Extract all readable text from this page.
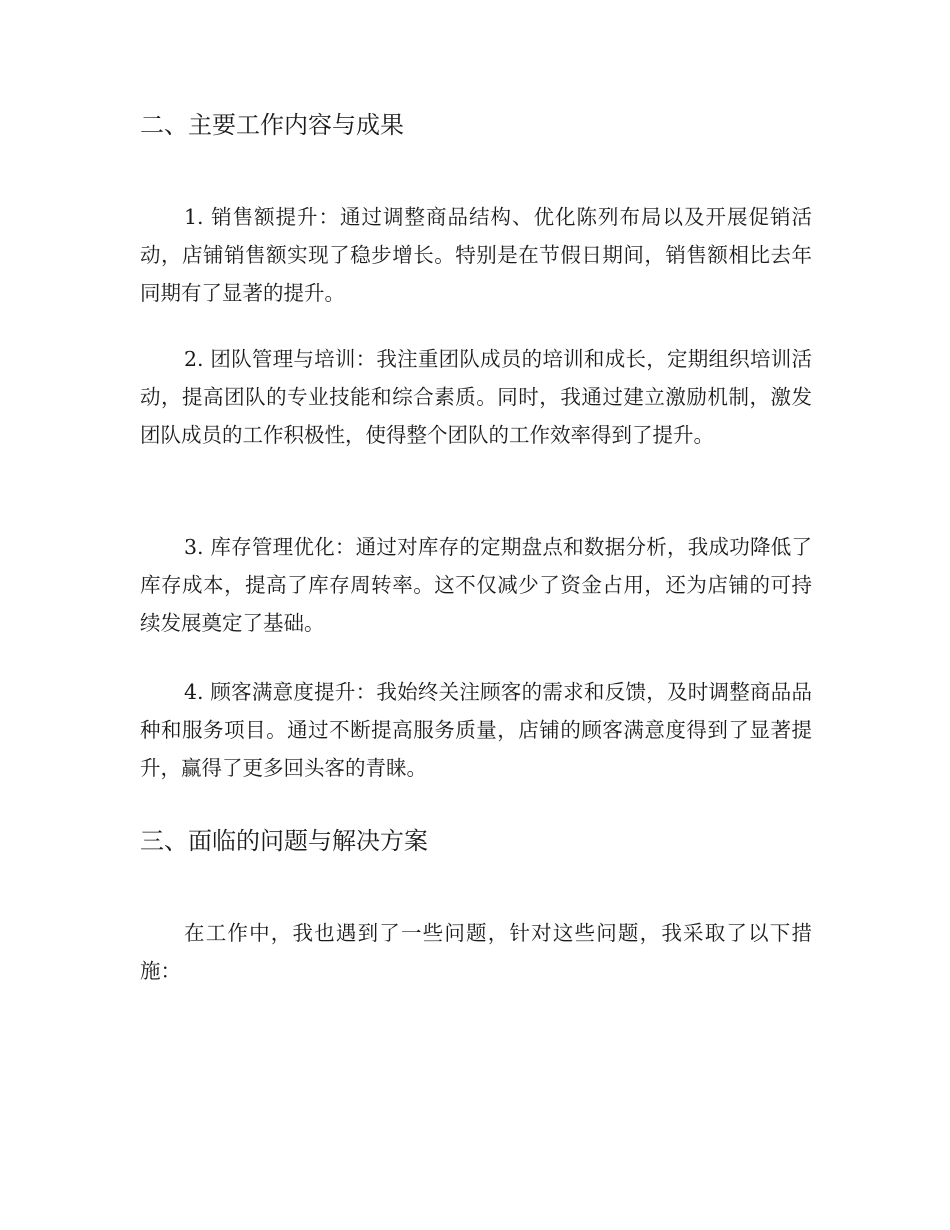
二、主要工作内容与成果

1. 销售额提升：通过调整商品结构、优化陈列布局以及开展促销活动，店铺销售额实现了稳步增长。特别是在节假日期间，销售额相比去年同期有了显著的提升。

2. 团队管理与培训：我注重团队成员的培训和成长，定期组织培训活动，提高团队的专业技能和综合素质。同时，我通过建立激励机制，激发团队成员的工作积极性，使得整个团队的工作效率得到了提升。

3. 库存管理优化：通过对库存的定期盘点和数据分析，我成功降低了库存成本，提高了库存周转率。这不仅减少了资金占用，还为店铺的可持续发展奠定了基础。

4. 顾客满意度提升：我始终关注顾客的需求和反馈，及时调整商品品种和服务项目。通过不断提高服务质量，店铺的顾客满意度得到了显著提升，赢得了更多回头客的青睐。

三、面临的问题与解决方案

在工作中，我也遇到了一些问题，针对这些问题，我采取了以下措施：
